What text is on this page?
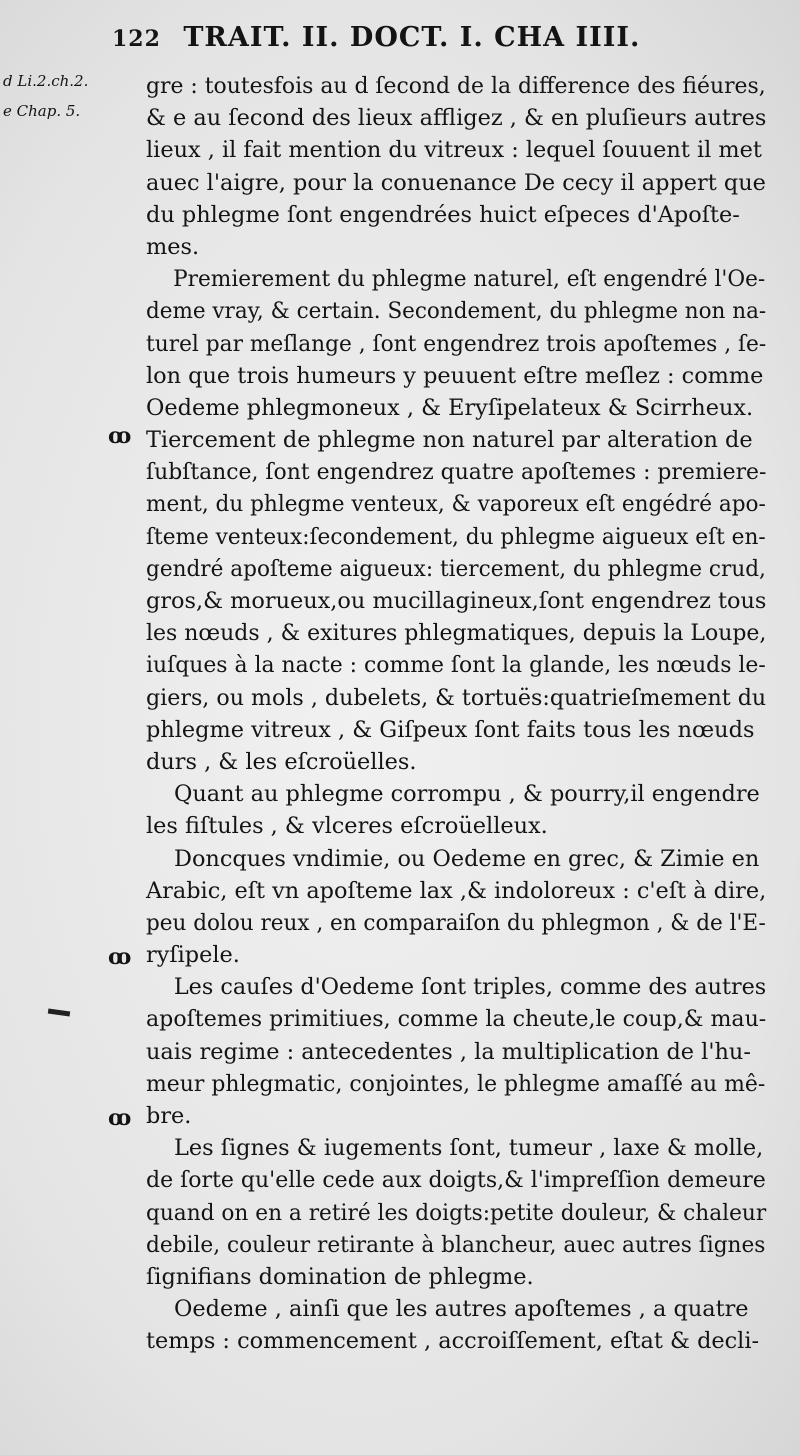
122 TRAIT. II. DOCT. I. CHA IIII.
d Li.2.ch.2.
e Chap. 5.
ꝏ
ꝏ
ꝏ
gre : toutesfois au d ſecond de la difference des fiéures,
& e au ſecond des lieux affligez , & en pluſieurs autres
lieux , il fait mention du vitreux : lequel ſouuent il met
auec l'aigre, pour la conuenance De cecy il appert que
du phlegme ſont engendrées huict eſpeces d'Apoſte-
mes.
Premierement du phlegme naturel, eſt engendré l'Oe-
deme vray, & certain. Secondement, du phlegme non na-
turel par meſlange , ſont engendrez trois apoſtemes , ſe-
lon que trois humeurs y peuuent eſtre meſlez : comme
Oedeme phlegmoneux , & Eryſipelateux & Scirrheux.
Tiercement de phlegme non naturel par alteration de
ſubſtance, ſont engendrez quatre apoſtemes : premiere-
ment, du phlegme venteux, & vaporeux eſt engédré apo-
ſteme venteux:ſecondement, du phlegme aigueux eſt en-
gendré apoſteme aigueux: tiercement, du phlegme crud,
gros,& morueux,ou mucillagineux,ſont engendrez tous
les nœuds , & exitures phlegmatiques, depuis la Loupe,
iuſques à la nacte : comme ſont la glande, les nœuds le-
giers, ou mols , dubelets, & tortuës:quatrieſmement du
phlegme vitreux , & Giſpeux ſont faits tous les nœuds
durs , & les eſcroüelles.
Quant au phlegme corrompu , & pourry,il engendre
les fiſtules , & vlceres eſcroüelleux.
Doncques vndimie, ou Oedeme en grec, & Zimie en
Arabic, eſt vn apoſteme lax ,& indoloreux : c'eſt à dire,
peu dolou reux , en comparaiſon du phlegmon , & de l'E-
ryſipele.
Les cauſes d'Oedeme ſont triples, comme des autres
apoſtemes primitiues, comme la cheute,le coup,& mau-
uais regime : antecedentes , la multiplication de l'hu-
meur phlegmatic, conjointes, le phlegme amaſſé au mê-
bre.
Les ſignes & iugements ſont, tumeur , laxe & molle,
de ſorte qu'elle cede aux doigts,& l'impreſſion demeure
quand on en a retiré les doigts:petite douleur, & chaleur
debile, couleur retirante à blancheur, auec autres ſignes
ſignifians domination de phlegme.
Oedeme , ainſi que les autres apoſtemes , a quatre
temps : commencement , accroiſſement, eſtat & decli-
